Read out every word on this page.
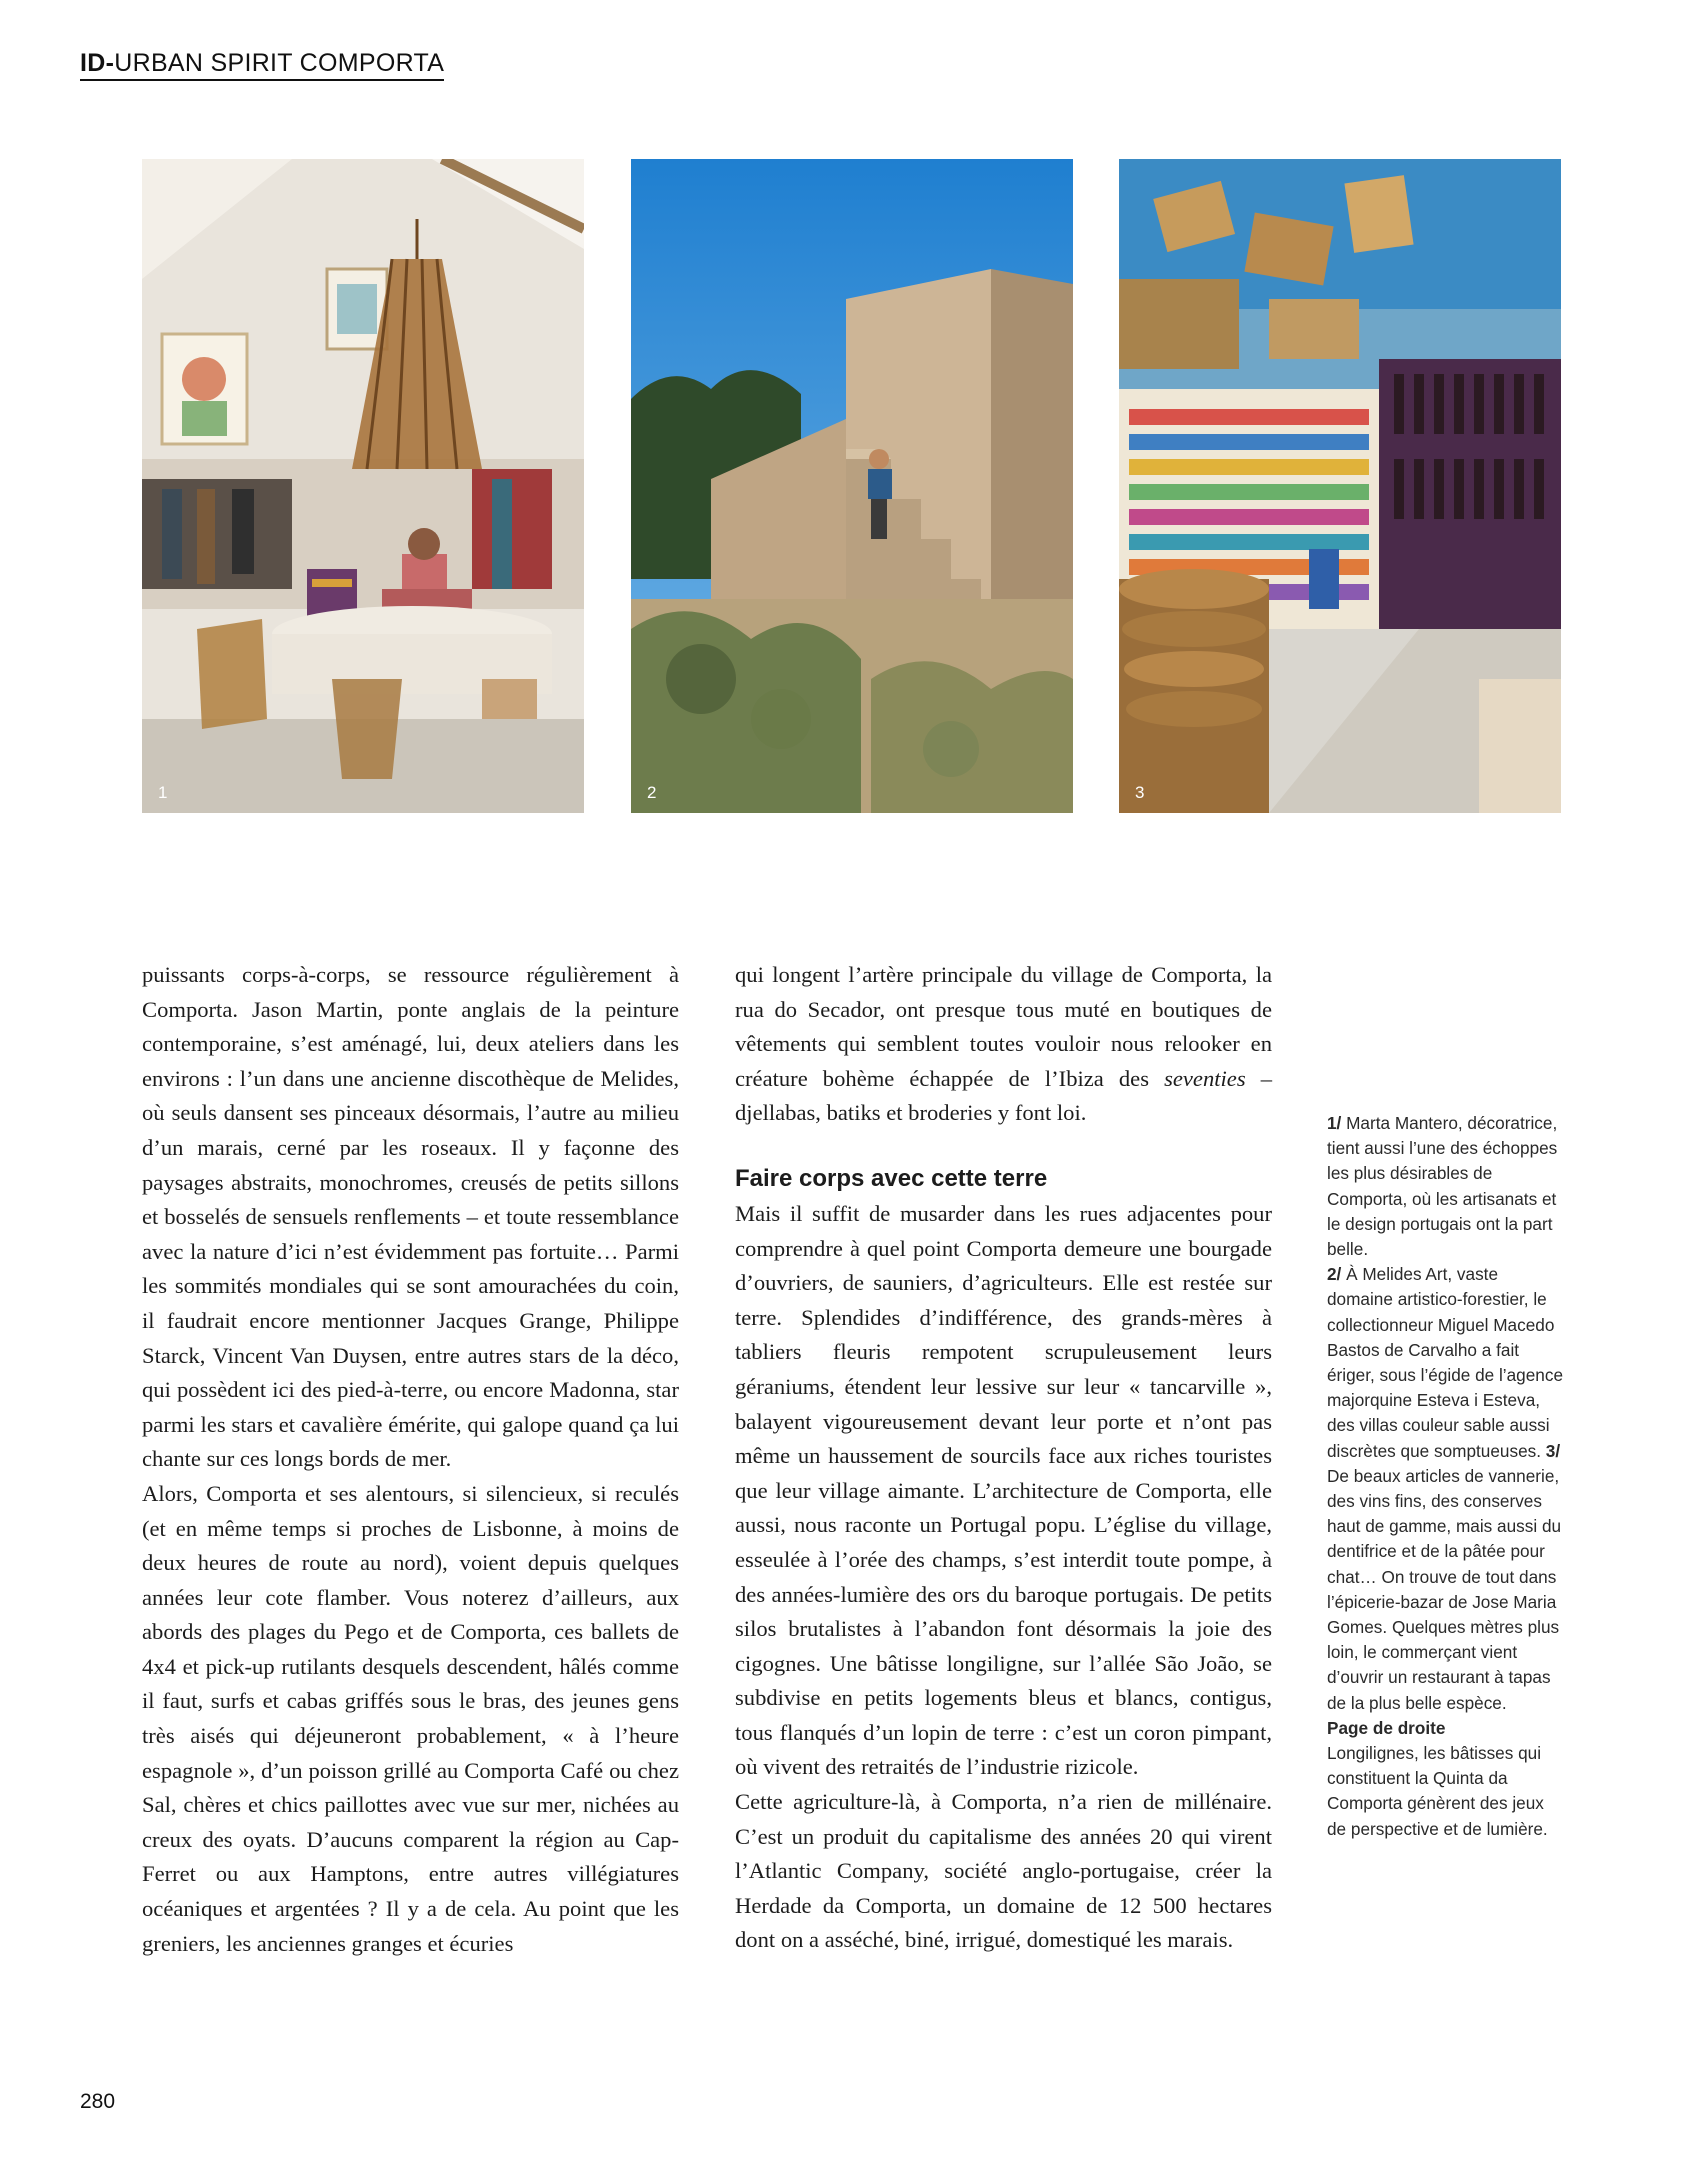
ID-URBAN SPIRIT COMPORTA
1	2	3

puissants corps-à-corps, se ressource régulièrement à Comporta. Jason Martin, ponte anglais de la peinture contemporaine, s’est aménagé, lui, deux ateliers dans les environs : l’un dans une ancienne discothèque de Melides, où seuls dansent ses pinceaux désormais, l’autre au milieu d’un marais, cerné par les roseaux. Il y façonne des paysages abstraits, monochromes, creusés de petits sillons et bosselés de sensuels renflements – et toute ressemblance avec la nature d’ici n’est évidemment pas fortuite… Parmi les sommités mondiales qui se sont amourachées du coin, il faudrait encore mentionner Jacques Grange, Philippe Starck, Vincent Van Duysen, entre autres stars de la déco, qui possèdent ici des pied-à-terre, ou encore Madonna, star parmi les stars et cavalière émérite, qui galope quand ça lui chante sur ces longs bords de mer.

Alors, Comporta et ses alentours, si silencieux, si reculés (et en même temps si proches de Lisbonne, à moins de deux heures de route au nord), voient depuis quelques années leur cote flamber. Vous noterez d’ailleurs, aux abords des plages du Pego et de Comporta, ces ballets de 4x4 et pick-up rutilants desquels descendent, hâlés comme il faut, surfs et cabas griffés sous le bras, des jeunes gens très aisés qui déjeuneront probablement, « à l’heure espagnole », d’un poisson grillé au Comporta Café ou chez Sal, chères et chics paillottes avec vue sur mer, nichées au creux des oyats. D’aucuns comparent la région au Cap-Ferret ou aux Hamptons, entre autres villégiatures océaniques et argentées ? Il y a de cela. Au point que les greniers, les anciennes granges et écuries

qui longent l’artère principale du village de Comporta, la rua do Secador, ont presque tous muté en boutiques de vêtements qui semblent toutes vouloir nous relooker en créature bohème échappée de l’Ibiza des seventies – djellabas, batiks et broderies y font loi.

Faire corps avec cette terre

Mais il suffit de musarder dans les rues adjacentes pour comprendre à quel point Comporta demeure une bourgade d’ouvriers, de sauniers, d’agriculteurs. Elle est restée sur terre. Splendides d’indifférence, des grands-mères à tabliers fleuris rempotent scrupuleusement leurs géraniums, étendent leur lessive sur leur « tancarville », balayent vigoureusement devant leur porte et n’ont pas même un haussement de sourcils face aux riches touristes que leur village aimante. L’architecture de Comporta, elle aussi, nous raconte un Portugal popu. L’église du village, esseulée à l’orée des champs, s’est interdit toute pompe, à des années-lumière des ors du baroque portugais. De petits silos brutalistes à l’abandon font désormais la joie des cigognes. Une bâtisse longiligne, sur l’allée São João, se subdivise en petits logements bleus et blancs, contigus, tous flanqués d’un lopin de terre : c’est un coron pimpant, où vivent des retraités de l’industrie rizicole.

Cette agriculture-là, à Comporta, n’a rien de millénaire. C’est un produit du capitalisme des années 20 qui virent l’Atlantic Company, société anglo-portugaise, créer la Herdade da Comporta, un domaine de 12 500 hectares dont on a asséché, biné, irrigué, domestiqué les marais.

1/ Marta Mantero, décoratrice, tient aussi l’une des échoppes les plus désirables de Comporta, où les artisanats et le design portugais ont la part belle.
2/ À Melides Art, vaste domaine artistico-forestier, le collectionneur Miguel Macedo Bastos de Carvalho a fait ériger, sous l’égide de l’agence majorquine Esteva i Esteva, des villas couleur sable aussi discrètes que somptueuses. 3/ De beaux articles de vannerie, des vins fins, des conserves haut de gamme, mais aussi du dentifrice et de la pâtée pour chat… On trouve de tout dans l’épicerie-bazar de Jose Maria Gomes. Quelques mètres plus loin, le commerçant vient d’ouvrir un restaurant à tapas de la plus belle espèce.

Page de droite

Longilignes, les bâtisses qui constituent la Quinta da Comporta génèrent des jeux de perspective et de lumière.

280
